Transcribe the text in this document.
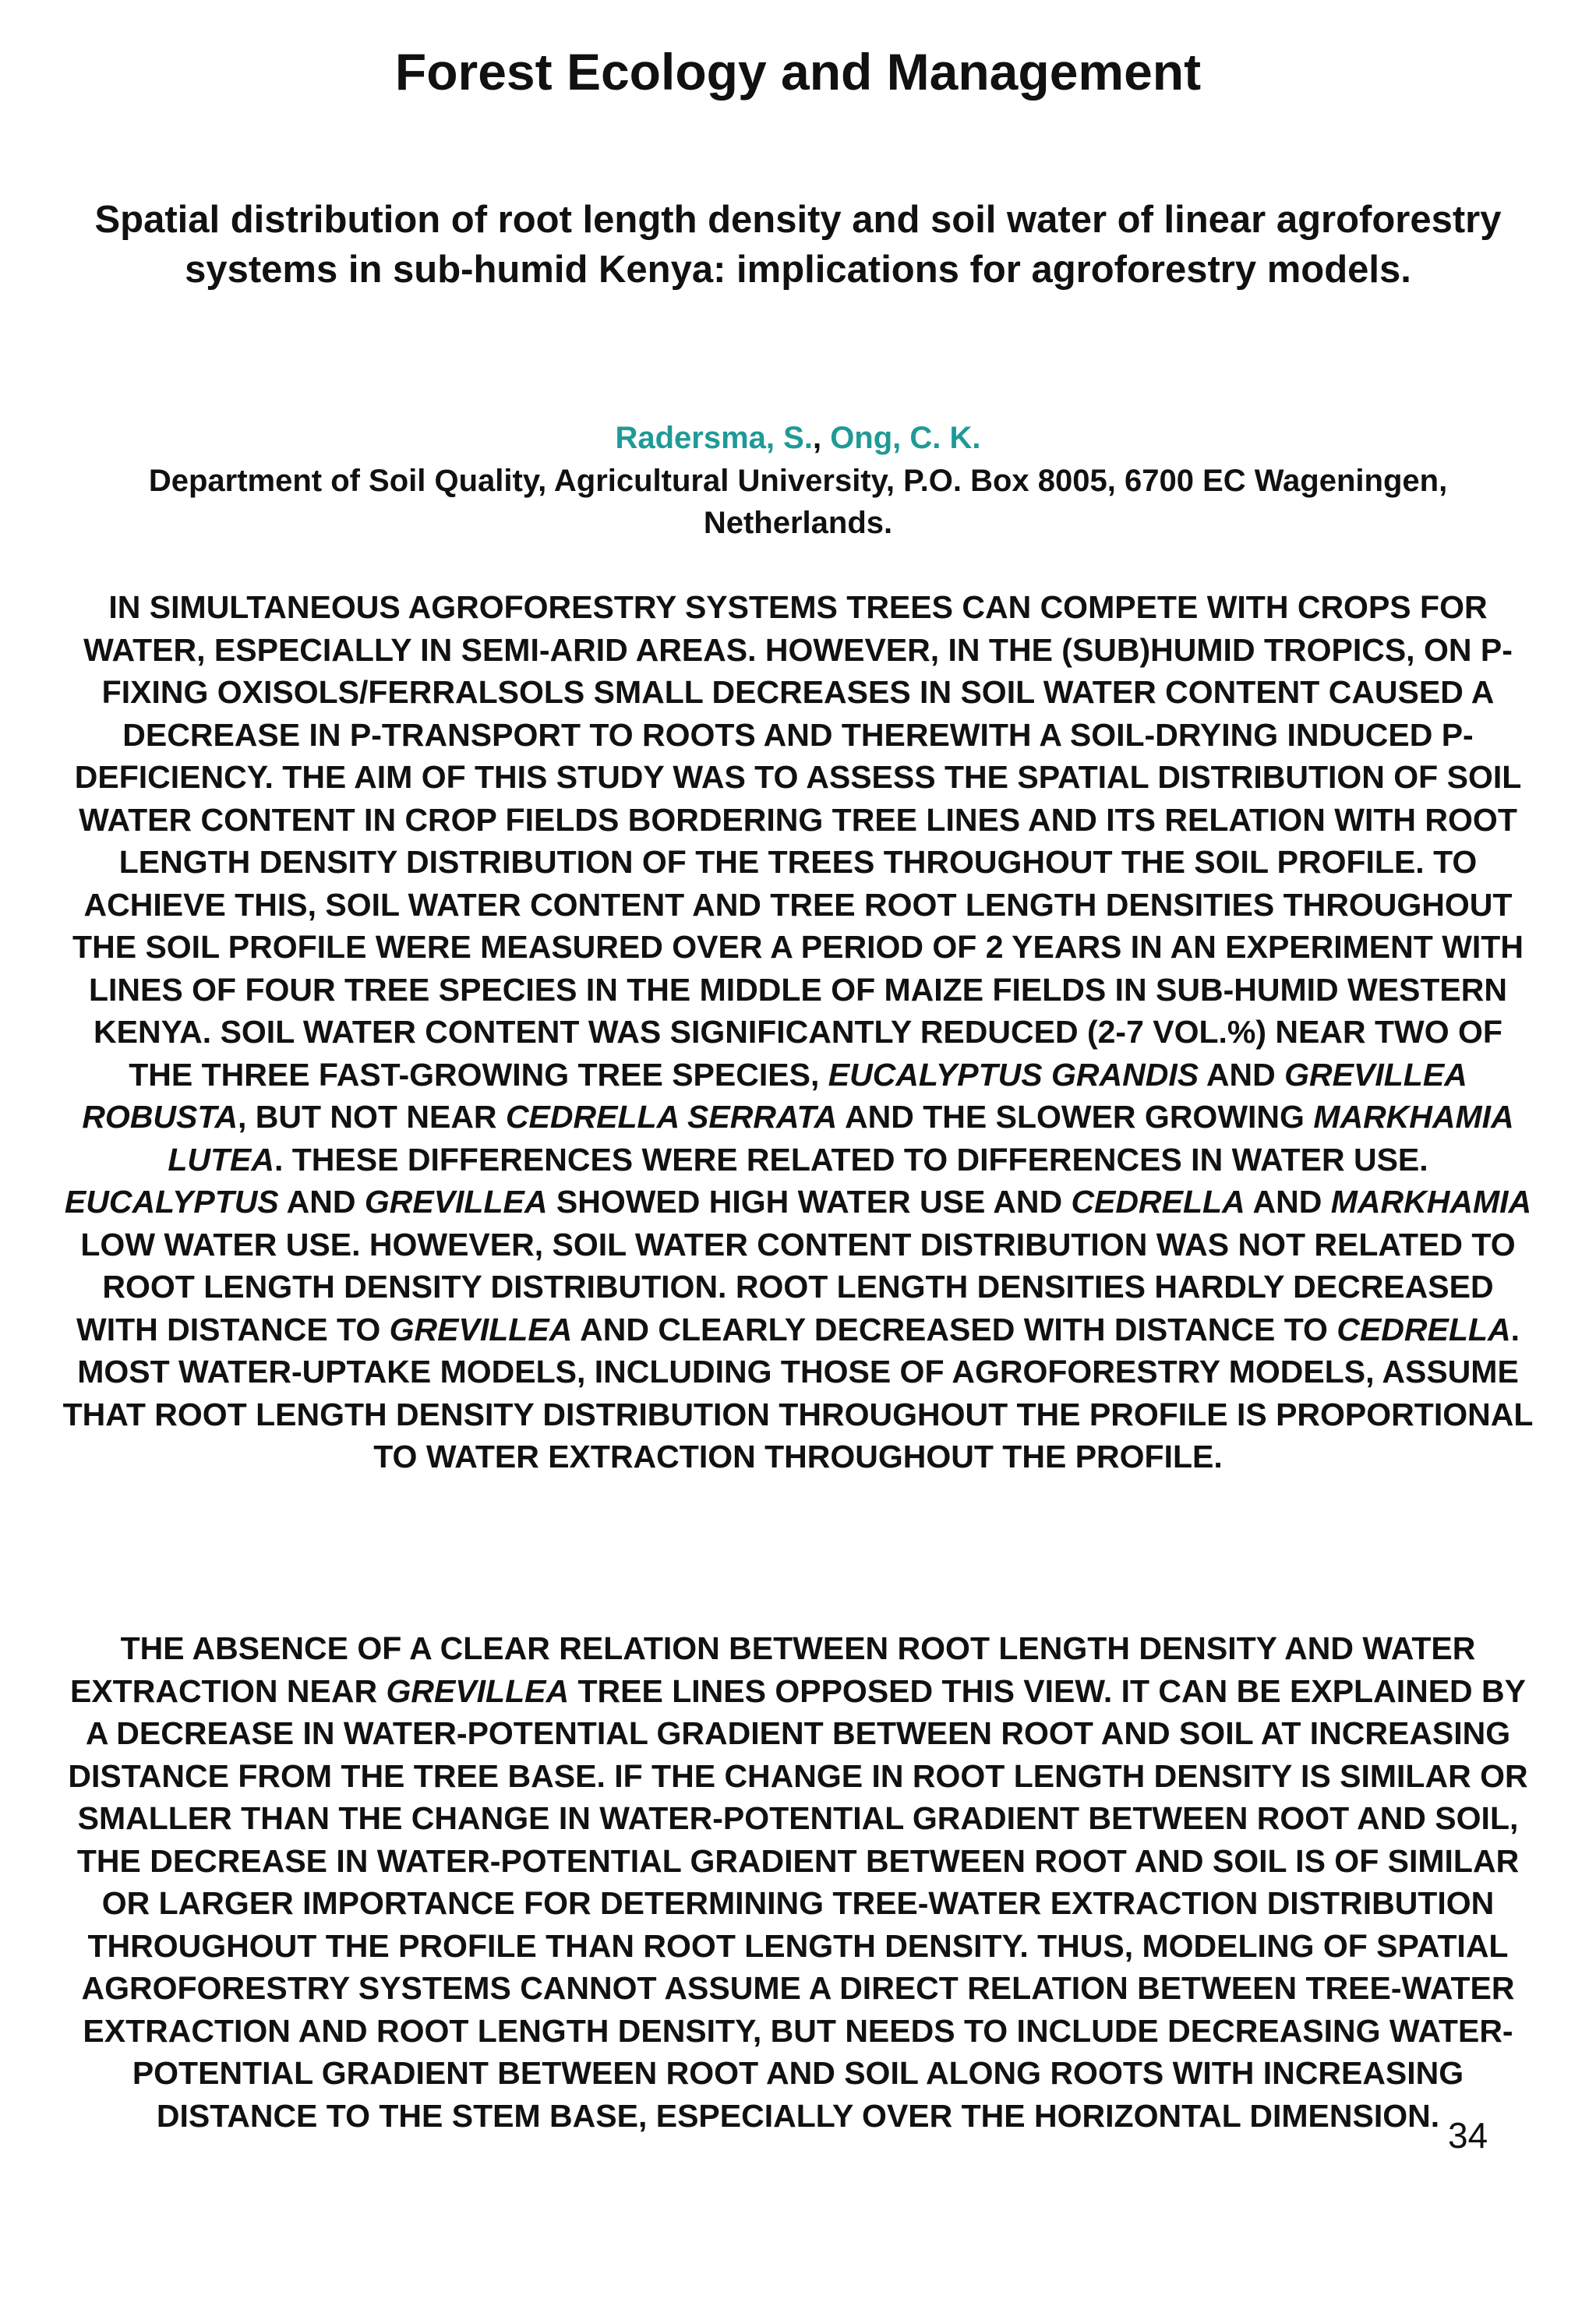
Forest Ecology and Management
Spatial distribution of root length density and soil water of linear agroforestry systems in sub-humid Kenya: implications for agroforestry models.
Radersma, S., Ong, C. K.
Department of Soil Quality, Agricultural University, P.O. Box 8005, 6700 EC Wageningen, Netherlands.

IN SIMULTANEOUS AGROFORESTRY SYSTEMS TREES CAN COMPETE WITH CROPS FOR WATER, ESPECIALLY IN SEMI-ARID AREAS. HOWEVER, IN THE (SUB)HUMID TROPICS, ON P-FIXING OXISOLS/FERRALSOLS SMALL DECREASES IN SOIL WATER CONTENT CAUSED A DECREASE IN P-TRANSPORT TO ROOTS AND THEREWITH A SOIL-DRYING INDUCED P-DEFICIENCY. THE AIM OF THIS STUDY WAS TO ASSESS THE SPATIAL DISTRIBUTION OF SOIL WATER CONTENT IN CROP FIELDS BORDERING TREE LINES AND ITS RELATION WITH ROOT LENGTH DENSITY DISTRIBUTION OF THE TREES THROUGHOUT THE SOIL PROFILE. TO ACHIEVE THIS, SOIL WATER CONTENT AND TREE ROOT LENGTH DENSITIES THROUGHOUT THE SOIL PROFILE WERE MEASURED OVER A PERIOD OF 2 YEARS IN AN EXPERIMENT WITH LINES OF FOUR TREE SPECIES IN THE MIDDLE OF MAIZE FIELDS IN SUB-HUMID WESTERN KENYA. SOIL WATER CONTENT WAS SIGNIFICANTLY REDUCED (2-7 VOL.%) NEAR TWO OF THE THREE FAST-GROWING TREE SPECIES, EUCALYPTUS GRANDIS AND GREVILLEA ROBUSTA, BUT NOT NEAR CEDRELLA SERRATA AND THE SLOWER GROWING MARKHAMIA LUTEA. THESE DIFFERENCES WERE RELATED TO DIFFERENCES IN WATER USE. EUCALYPTUS AND GREVILLEA SHOWED HIGH WATER USE AND CEDRELLA AND MARKHAMIA LOW WATER USE. HOWEVER, SOIL WATER CONTENT DISTRIBUTION WAS NOT RELATED TO ROOT LENGTH DENSITY DISTRIBUTION. ROOT LENGTH DENSITIES HARDLY DECREASED WITH DISTANCE TO GREVILLEA AND CLEARLY DECREASED WITH DISTANCE TO CEDRELLA. MOST WATER-UPTAKE MODELS, INCLUDING THOSE OF AGROFORESTRY MODELS, ASSUME THAT ROOT LENGTH DENSITY DISTRIBUTION THROUGHOUT THE PROFILE IS PROPORTIONAL TO WATER EXTRACTION THROUGHOUT THE PROFILE.

THE ABSENCE OF A CLEAR RELATION BETWEEN ROOT LENGTH DENSITY AND WATER EXTRACTION NEAR GREVILLEA TREE LINES OPPOSED THIS VIEW. IT CAN BE EXPLAINED BY A DECREASE IN WATER-POTENTIAL GRADIENT BETWEEN ROOT AND SOIL AT INCREASING DISTANCE FROM THE TREE BASE. IF THE CHANGE IN ROOT LENGTH DENSITY IS SIMILAR OR SMALLER THAN THE CHANGE IN WATER-POTENTIAL GRADIENT BETWEEN ROOT AND SOIL, THE DECREASE IN WATER-POTENTIAL GRADIENT BETWEEN ROOT AND SOIL IS OF SIMILAR OR LARGER IMPORTANCE FOR DETERMINING TREE-WATER EXTRACTION DISTRIBUTION THROUGHOUT THE PROFILE THAN ROOT LENGTH DENSITY. THUS, MODELING OF SPATIAL AGROFORESTRY SYSTEMS CANNOT ASSUME A DIRECT RELATION BETWEEN TREE-WATER EXTRACTION AND ROOT LENGTH DENSITY, BUT NEEDS TO INCLUDE DECREASING WATER-POTENTIAL GRADIENT BETWEEN ROOT AND SOIL ALONG ROOTS WITH INCREASING DISTANCE TO THE STEM BASE, ESPECIALLY OVER THE HORIZONTAL DIMENSION. 34
